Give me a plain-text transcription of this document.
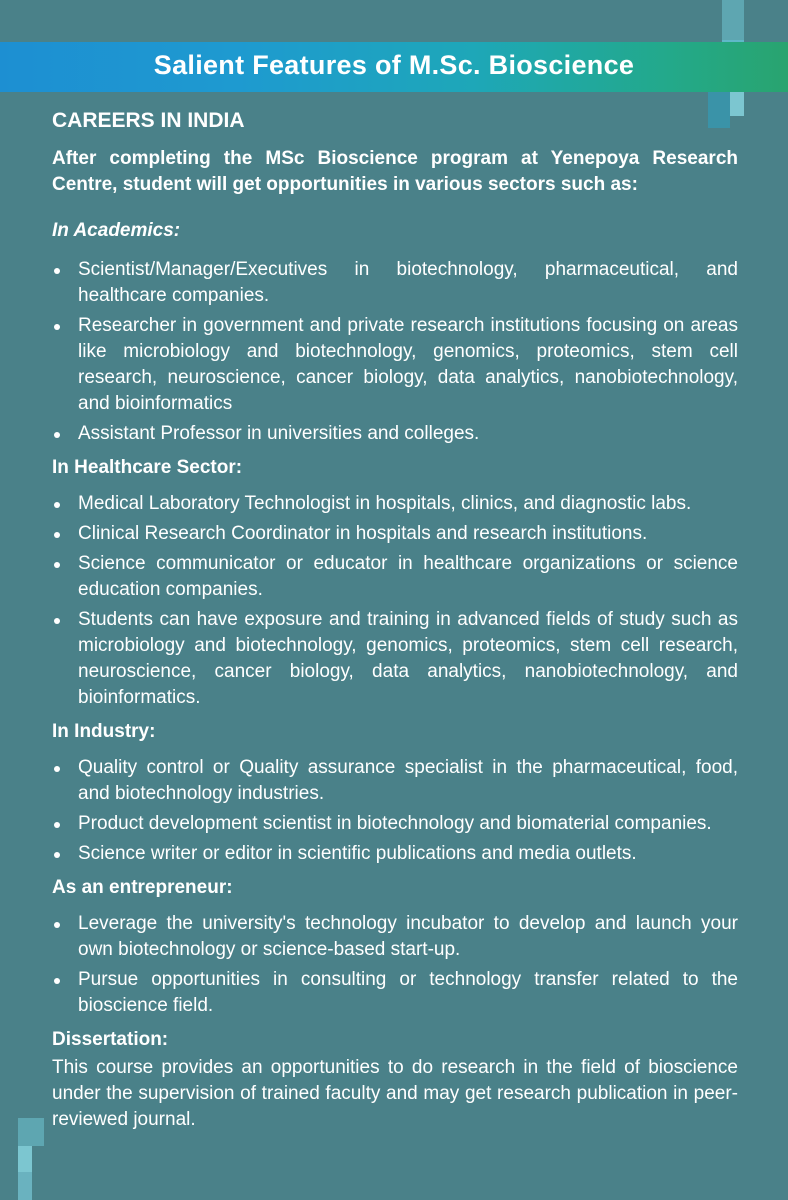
Salient Features of M.Sc. Bioscience
CAREERS IN INDIA
After completing the MSc Bioscience program at Yenepoya Research Centre, student will get opportunities in various sectors such as:
In Academics:
Scientist/Manager/Executives in biotechnology, pharmaceutical, and healthcare companies.
Researcher in government and private research institutions focusing on areas like microbiology and biotechnology, genomics, proteomics, stem cell research, neuroscience, cancer biology, data analytics, nanobiotechnology, and bioinformatics
Assistant Professor in universities and colleges.
In Healthcare Sector:
Medical Laboratory Technologist in hospitals, clinics, and diagnostic labs.
Clinical Research Coordinator in hospitals and research institutions.
Science communicator or educator in healthcare organizations or science education companies.
Students can have exposure and training in advanced fields of study such as microbiology and biotechnology, genomics, proteomics, stem cell research, neuroscience, cancer biology, data analytics, nanobiotechnology, and bioinformatics.
In Industry:
Quality control or Quality assurance specialist in the pharmaceutical, food, and biotechnology industries.
Product development scientist in biotechnology and biomaterial companies.
Science writer or editor in scientific publications and media outlets.
As an entrepreneur:
Leverage the university's technology incubator to develop and launch your own biotechnology or science-based start-up.
Pursue opportunities in consulting or technology transfer related to the bioscience field.
Dissertation:
This course provides an opportunities to do research in the field of bioscience under the supervision of trained faculty and may get research publication in peer-reviewed journal.
